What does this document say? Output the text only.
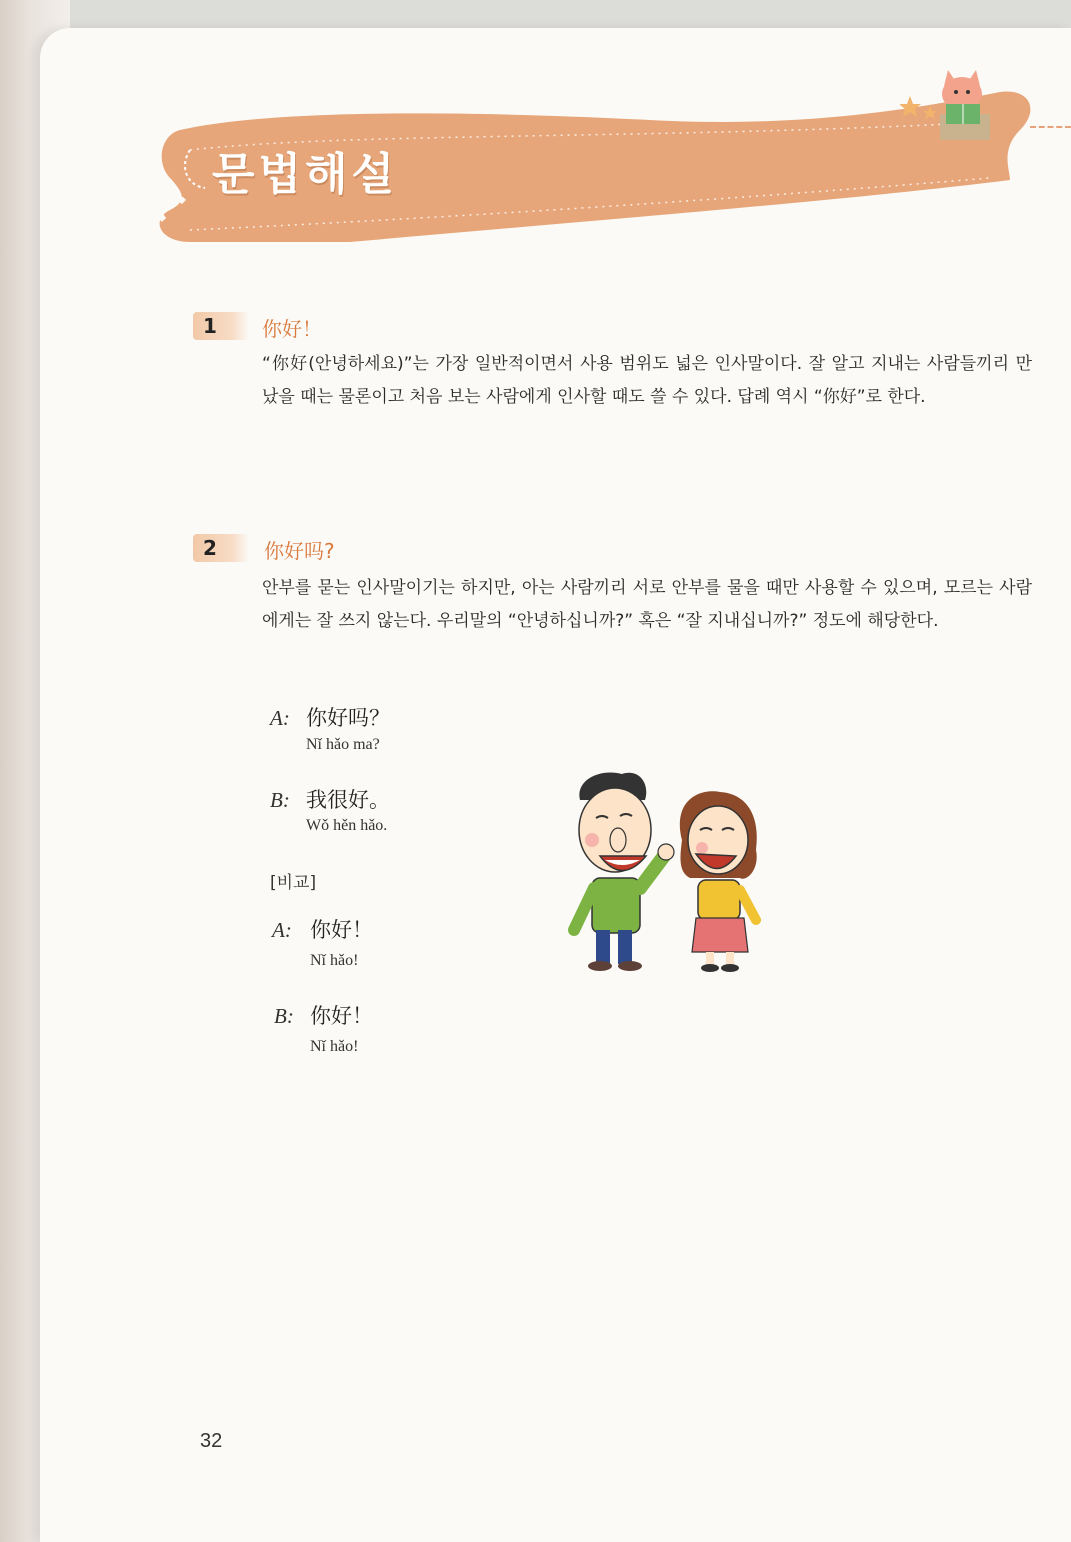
문법해설
1	你好！

“你好(안녕하세요)”는 가장 일반적이면서 사용 범위도 넓은 인사말이다. 잘 알고 지내는 사람들끼리 만났을 때는 물론이고 처음 보는 사람에게 인사할 때도 쓸 수 있다. 답례 역시 “你好”로 한다.

2	你好吗?

안부를 묻는 인사말이기는 하지만, 아는 사람끼리 서로 안부를 물을 때만 사용할 수 있으며, 모르는 사람에게는 잘 쓰지 않는다. 우리말의 “안녕하십니까?” 혹은 “잘 지내십니까?” 정도에 해당한다.

A: 你好吗？
Nǐ hǎo ma?
B: 我很好。
Wǒ hěn hǎo.
[비교]
A: 你好！
Nǐ hǎo!
B: 你好！
Nǐ hǎo!
32
